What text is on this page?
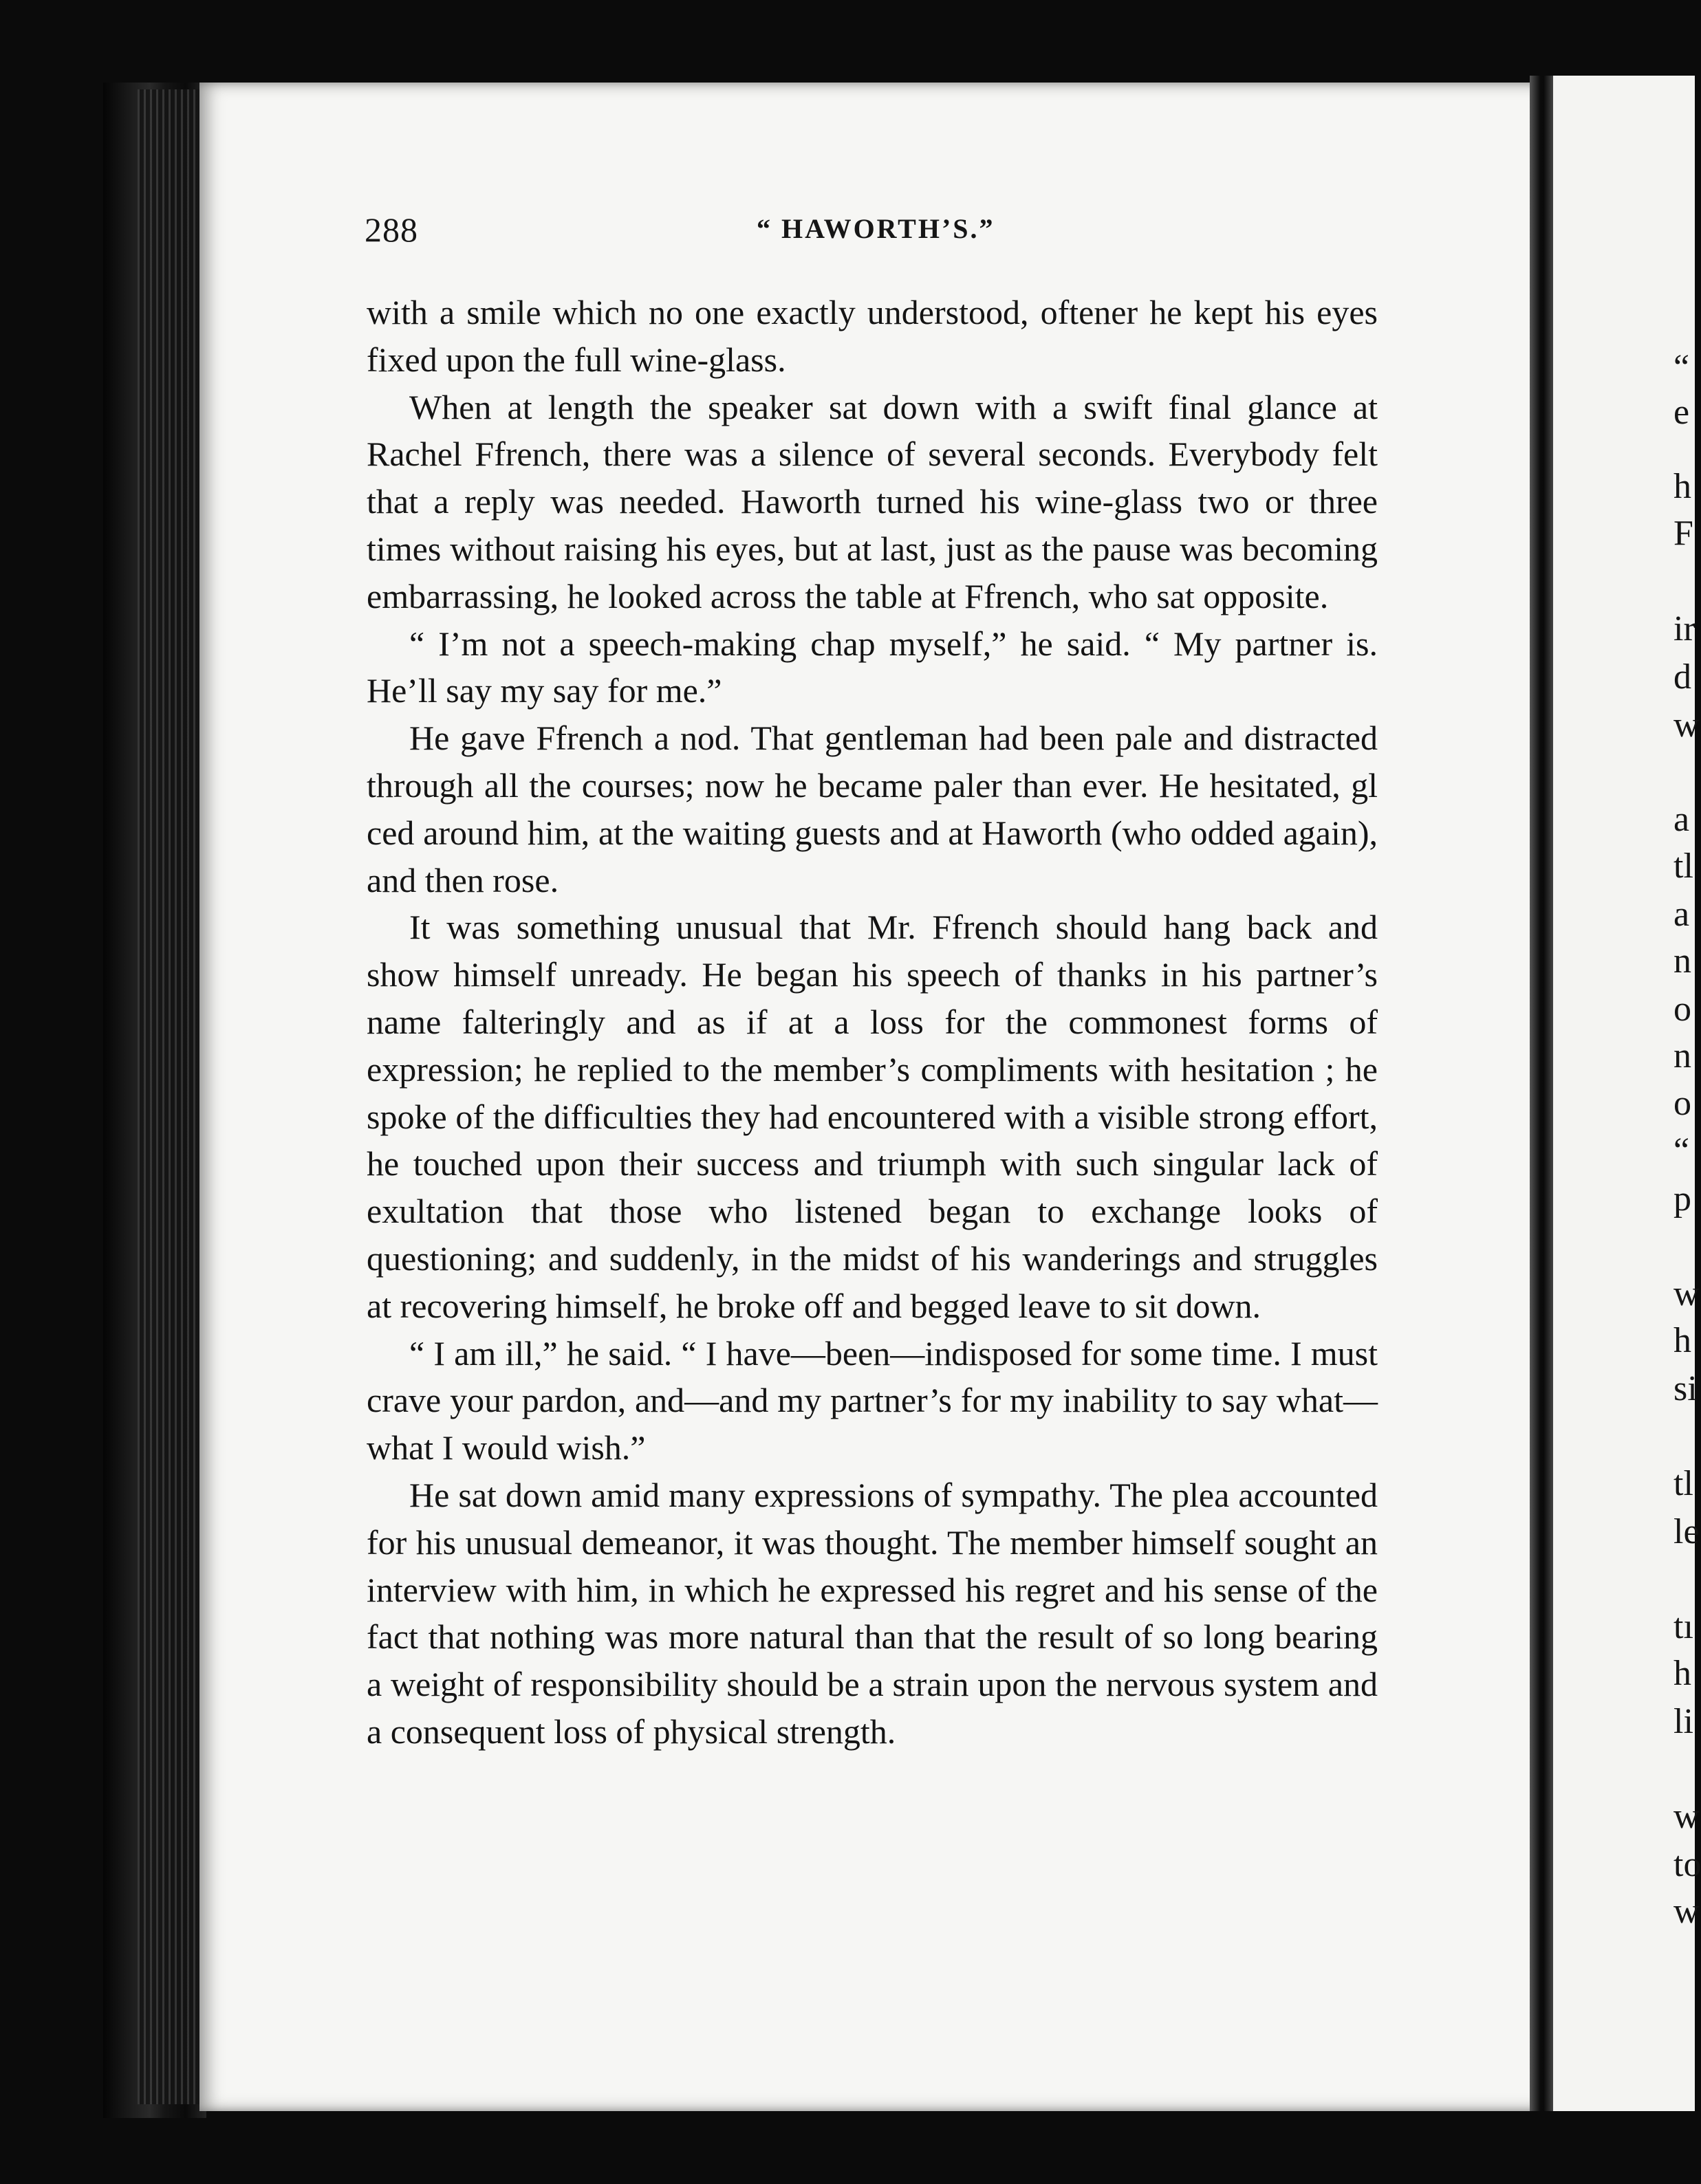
“
e
h
F
ir
d
w
a
tl
a
n
o
n
o
“
p
w
h
si
tl
le
tı
h
li
w
to
w
288	“ HAWORTH’S.”

with a smile which no one exactly understood, oftener he kept his eyes fixed upon the full wine-glass.

When at length the speaker sat down with a swift final glance at Rachel Ffrench, there was a silence of several seconds. Everybody felt that a reply was needed. Haworth turned his wine-glass two or three times without raising his eyes, but at last, just as the pause was becoming embarrassing, he looked across the table at Ffrench, who sat opposite.

“ I’m not a speech-making chap myself,” he said. “ My partner is. He’ll say my say for me.”

He gave Ffrench a nod. That gentleman had been pale and distracted through all the courses; now he became paler than ever. He hesitated, gl ced around him, at the waiting guests and at Haworth (who odded again), and then rose.

It was something unusual that Mr. Ffrench should hang back and show himself unready. He began his speech of thanks in his partner’s name falteringly and as if at a loss for the commonest forms of expression; he replied to the member’s compliments with hesitation ; he spoke of the difficulties they had encountered with a visible strong effort, he touched upon their success and triumph with such singular lack of exultation that those who listened began to exchange looks of questioning; and suddenly, in the midst of his wanderings and struggles at recovering himself, he broke off and begged leave to sit down.

“ I am ill,” he said. “ I have—been—indisposed for some time. I must crave your pardon, and—and my partner’s for my inability to say what—what I would wish.”

He sat down amid many expressions of sympathy. The plea accounted for his unusual demeanor, it was thought. The member himself sought an interview with him, in which he expressed his regret and his sense of the fact that nothing was more natural than that the result of so long bearing a weight of responsibility should be a strain upon the nervous system and a consequent loss of physical strength.
